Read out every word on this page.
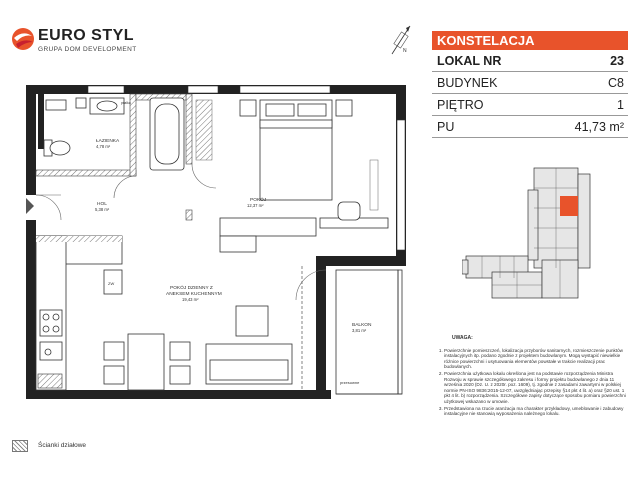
EURO STYL
GRUPA DOM DEVELOPMENT	N
KONSTELACJA
LOKAL NR	23
BUDYNEK	C8
PIĘTRO	1
PU	41,73 m²
pralka
ZW
ŁAZIENKA
4,78 m²
HOL
5,38 m²
POKÓJ
12,37 m²
POKÓJ DZIENNY Z
ANEKSEM KUCHENNYM
19,43 m²
BALKON
3,81 m²
przesuwne
UWAGA:
1. Powierzchnie pomieszczeń, lokalizacja przyborów sanitarnych, rozmieszczenie punktów instalacyjnych itp. podano zgodnie z projektem budowlanym. Mogą wystąpić niewielkie różnice powierzchni i usytuowania elementów powstałe w trakcie realizacji prac budowlanych.
2. Powierzchnia użytkowa lokalu określona jest na podstawie rozporządzenia Ministra Rozwoju w sprawie szczegółowego zakresu i formy projektu budowlanego z dnia 11 września 2020 (Dz. U. z 2020r. poz. 1609), tj. zgodnie z zasadami zawartymi w polskiej normie PN-ISO 9836:2015-12-07, uwzględniając przepisy §14 pkt 4 lit. a) oraz §20 ust. 1 pkt 4 lit. b) rozporządzenia. Szczegółowe zapisy dotyczące sposobu pomiaru powierzchni użytkowej wskazano w umowie.
3. Przedstawiona na rzucie aranżacja ma charakter przykładowy, umeblowanie i zabudowy instalacyjne nie stanowią wyposażenia należnego lokalu.
Ścianki działowe
